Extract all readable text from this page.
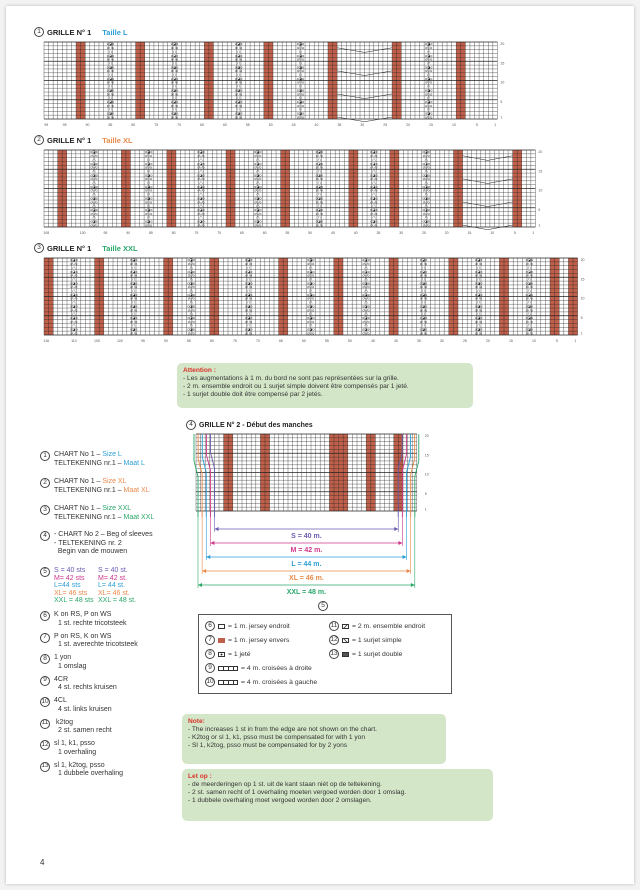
1 GRILLE N° 1 Taille L
o◪o
o\ /o
/ \
o◪o
o\ /o
/ \
o◪o
o\ /o
/ \
o◪o
o\ /o
/ \
o◪o
o\ /o
/ \
o◪o
o\ /o
/ \
o◪o
o\ /o
o◪o
o\ /o
/ \
o◪o
o\ /o
/ \
o◪o
o\ /o
/ \
o◪o
o\ /o
/ \
o◪o
o\ /o
/ \
o◪o
o\ /o
/ \
o◪o
o\ /o
o◪o
o\ /o
/ \
o◪o
o\ /o
/ \
o◪o
o\ /o
/ \
o◪o
o\ /o
/ \
o◪o
o\ /o
/ \
o◪o
o\ /o
/ \
o◪o
o\ /o
o◪o
o\ /o
/ \
o◪o
o\ /o
/ \
o◪o
o\ /o
/ \
o◪o
o\ /o
/ \
o◪o
o\ /o
/ \
o◪o
o\ /o
/ \
o◪o
o\ /o
o◪o
o\ /o
/ \
o◪o
o\ /o
/ \
o◪o
o\ /o
/ \
o◪o
o\ /o
/ \
o◪o
o\ /o
/ \
o◪o
o\ /o
/ \
o◪o
o\ /o	1
5
10
15
20
99	95	90	85	80	75	70	65	60	55	50	45	40	35	30	25	20	15	10	5	1
2 GRILLE N° 1 Taille XL
o◪o
o\ /o
/ \
o◪o
o\ /o
/ \
o◪o
o\ /o
/ \
o◪o
o\ /o
/ \
o◪o
o\ /o
/ \
o◪o
o\ /o
/ \
o◪o
o\ /o
o◪o
o\ /o
/ \
o◪o
o\ /o
/ \
o◪o
o\ /o
/ \
o◪o
o\ /o
/ \
o◪o
o\ /o
/ \
o◪o
o\ /o
/ \
o◪o
o\ /o
o◪o
o\ /o
/ \
o◪o
o\ /o
/ \
o◪o
o\ /o
/ \
o◪o
o\ /o
/ \
o◪o
o\ /o
/ \
o◪o
o\ /o
/ \
o◪o
o\ /o
o◪o
o\ /o
/ \
o◪o
o\ /o
/ \
o◪o
o\ /o
/ \
o◪o
o\ /o
/ \
o◪o
o\ /o
/ \
o◪o
o\ /o
/ \
o◪o
o\ /o
o◪o
o\ /o
/ \
o◪o
o\ /o
/ \
o◪o
o\ /o
/ \
o◪o
o\ /o
/ \
o◪o
o\ /o
/ \
o◪o
o\ /o
/ \
o◪o
o\ /o
o◪o
o\ /o
/ \
o◪o
o\ /o
/ \
o◪o
o\ /o
/ \
o◪o
o\ /o
/ \
o◪o
o\ /o
/ \
o◪o
o\ /o
/ \
o◪o
o\ /o
o◪o
o\ /o
/ \
o◪o
o\ /o
/ \
o◪o
o\ /o
/ \
o◪o
o\ /o
/ \
o◪o
o\ /o
/ \
o◪o
o\ /o
/ \
o◪o
o\ /o	1
5
10
15
20
108	100	95	90	85	80	75	70	65	60	55	50	45	40	35	30	25	20	15	10	5	1
3 GRILLE N° 1 Taille XXL
o◪o
o\ /o
/ \
o◪o
o\ /o
/ \
o◪o
o\ /o
/ \
o◪o
o\ /o
/ \
o◪o
o\ /o
/ \
o◪o
o\ /o
/ \
o◪o
o\ /o
o◪o
o\ /o
/ \
o◪o
o\ /o
/ \
o◪o
o\ /o
/ \
o◪o
o\ /o
/ \
o◪o
o\ /o
/ \
o◪o
o\ /o
/ \
o◪o
o\ /o
o◪o
o\ /o
/ \
o◪o
o\ /o
/ \
o◪o
o\ /o
/ \
o◪o
o\ /o
/ \
o◪o
o\ /o
/ \
o◪o
o\ /o
/ \
o◪o
o\ /o
o◪o
o\ /o
/ \
o◪o
o\ /o
/ \
o◪o
o\ /o
/ \
o◪o
o\ /o
/ \
o◪o
o\ /o
/ \
o◪o
o\ /o
/ \
o◪o
o\ /o
o◪o
o\ /o
/ \
o◪o
o\ /o
/ \
o◪o
o\ /o
/ \
o◪o
o\ /o
/ \
o◪o
o\ /o
/ \
o◪o
o\ /o
/ \
o◪o
o\ /o
o◪o
o\ /o
/ \
o◪o
o\ /o
/ \
o◪o
o\ /o
/ \
o◪o
o\ /o
/ \
o◪o
o\ /o
/ \
o◪o
o\ /o
/ \
o◪o
o\ /o
o◪o
o\ /o
/ \
o◪o
o\ /o
/ \
o◪o
o\ /o
/ \
o◪o
o\ /o
/ \
o◪o
o\ /o
/ \
o◪o
o\ /o
/ \
o◪o
o\ /o
o◪o
o\ /o
/ \
o◪o
o\ /o
/ \
o◪o
o\ /o
/ \
o◪o
o\ /o
/ \
o◪o
o\ /o
/ \
o◪o
o\ /o
/ \
o◪o
o\ /o
o◪o
o\ /o
/ \
o◪o
o\ /o
/ \
o◪o
o\ /o
/ \
o◪o
o\ /o
/ \
o◪o
o\ /o
/ \
o◪o
o\ /o
/ \
o◪o
o\ /o	1
5
10
15
20
116	110	105	100	95	90	85	80	75	70	65	60	55	50	45	40	35	30	25	20	15	10	5	1
Attention :
- Les augmentations à 1 m. du bord ne sont pas représentées sur la grille.
- 2 m. ensemble endroit ou 1 surjet simple doivent être compensés par 1 jeté.
- 1 surjet double doit être compensé par 2 jetés.
4 GRILLE N° 2 - Début des manches
S = 40 m.
M = 42 m.
L = 44 m.
XL = 46 m.
XXL = 48 m.
1
5
10
15
20
5
6	= 1 m. jersey endroit
7	= 1 m. jersey envers
8	= 1 jeté
9	= 4 m. croisées à droite
10	= 4 m. croisées à gauche
11 = 2 m. ensemble endroit
12 = 1 surjet simple
13 = 1 surjet double
Note:
- The increases 1 st in from the edge are not shown on the chart.
- K2tog or sl 1, k1, psso must be compensated for with 1 yon
- Sl 1, k2tog, psso must be compensated for by 2 yons
Let op :
- de meerderingen op 1 st. uit de kant staan niét op de teltekening.
- 2 st. samen recht of 1 overhaling moeten vergoed worden door 1 omslag.
- 1 dubbele overhaling moet vergoed worden door 2 omslagen.
1	CHART No 1 – Size L
TELTEKENING nr.1 – Maat L
2	CHART No 1 – Size XL
TELTEKENING nr.1 – Maat XL
3	CHART No 1 – Size XXL
TELTEKENING nr.1 – Maat XXL
4	- CHART No 2 – Beg of sleeves
- TELTEKENING nr. 2
Begin van de mouwen
5	S = 40 sts	S = 40 st.
M= 42 sts	M= 42 st.
L=44 sts	L= 44 st.
XL= 46 sts	XL= 46 st.
XXL = 48 sts XXL = 48 st.
6	K on RS, P on WS
1 st. rechte tricotsteek
7	P on RS, K on WS
1 st. averechte tricotsteek
8	1 yon
1 omslag
9	4CR
4 st. rechts kruisen
10 4CL
4 st. links kruisen
11 k2tog
2 st. samen recht
12 sl 1, k1, psso
1 overhaling
13 sl 1, k2tog, psso
1 dubbele overhaling
4
